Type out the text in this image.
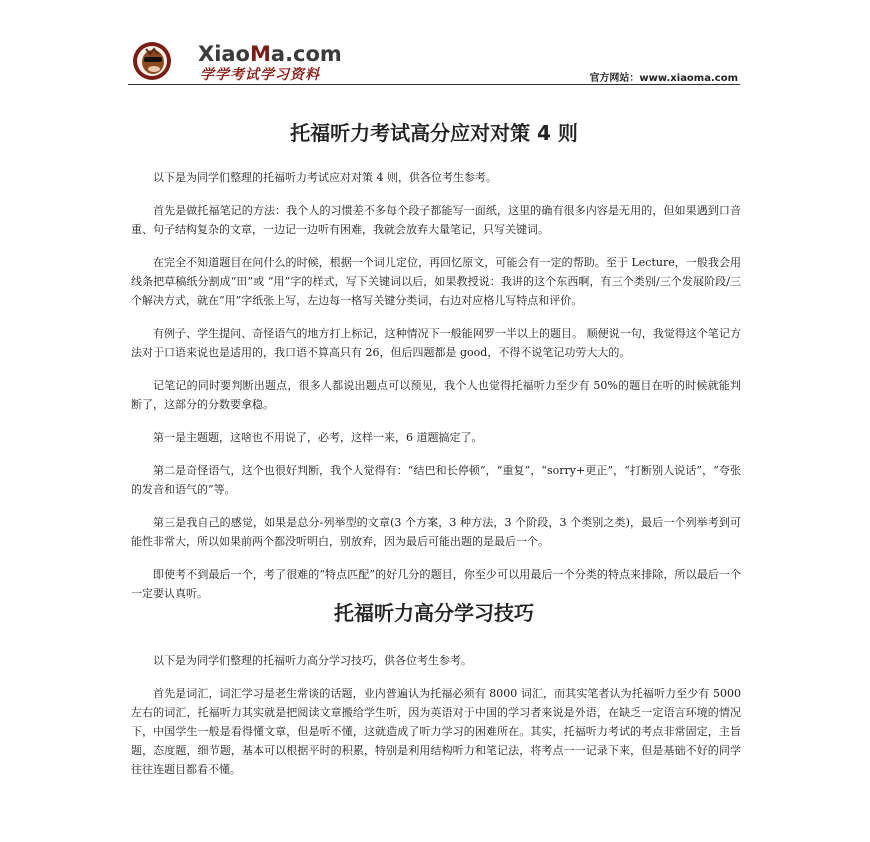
XiaoMa.com
学学考试学习资料	官方网站：www.xiaoma.com
托福听力考试高分应对对策 4 则

以下是为同学们整理的托福听力考试应对对策 4 则，供各位考生参考。

首先是做托福笔记的方法：我个人的习惯差不多每个段子都能写一面纸，这里的确有很多内容是无用的，但如果遇到口音重、句子结构复杂的文章，一边记一边听有困难，我就会放弃大量笔记，只写关键词。

在完全不知道题目在问什么的时候，根据一个词儿定位，再回忆原文，可能会有一定的帮助。至于 Lecture，一般我会用线条把草稿纸分割成“田”或 “用”字的样式，写下关键词以后，如果教授说：我讲的这个东西啊，有三个类别/三个发展阶段/三个解决方式，就在“用”字纸张上写，左边每一格写关键分类词，右边对应格儿写特点和评价。

有例子、学生提问、奇怪语气的地方打上标记，这种情况下一般能网罗一半以上的题目。 顺便说一句，我觉得这个笔记方法对于口语来说也是适用的，我口语不算高只有 26，但后四题都是 good，不得不说笔记功劳大大的。

记笔记的同时要判断出题点，很多人都说出题点可以预见，我个人也觉得托福听力至少有 50%的题目在听的时候就能判断了，这部分的分数要拿稳。

第一是主题题，这啥也不用说了，必考，这样一来，6 道题搞定了。

第二是奇怪语气，这个也很好判断，我个人觉得有：“结巴和长停顿”，“重复”，“sorry+更正”，“打断别人说话”，“夸张的发音和语气的”等。

第三是我自己的感觉，如果是总分-列举型的文章(3 个方案，3 种方法，3 个阶段，3 个类别之类)，最后一个列举考到可能性非常大，所以如果前两个都没听明白，别放弃，因为最后可能出题的是最后一个。

即使考不到最后一个，考了很难的“特点匹配”的好几分的题目，你至少可以用最后一个分类的特点来排除，所以最后一个一定要认真听。

托福听力高分学习技巧

以下是为同学们整理的托福听力高分学习技巧，供各位考生参考。

首先是词汇，词汇学习是老生常谈的话题，业内普遍认为托福必须有 8000 词汇，而其实笔者认为托福听力至少有 5000 左右的词汇，托福听力其实就是把阅读文章搬给学生听，因为英语对于中国的学习者来说是外语，在缺乏一定语言环境的情况下，中国学生一般是看得懂文章，但是听不懂，这就造成了听力学习的困难所在。其实，托福听力考试的考点非常固定，主旨题，态度题，细节题，基本可以根据平时的积累，特别是利用结构听力和笔记法，将考点一一记录下来，但是基础不好的同学往往连题目都看不懂。
